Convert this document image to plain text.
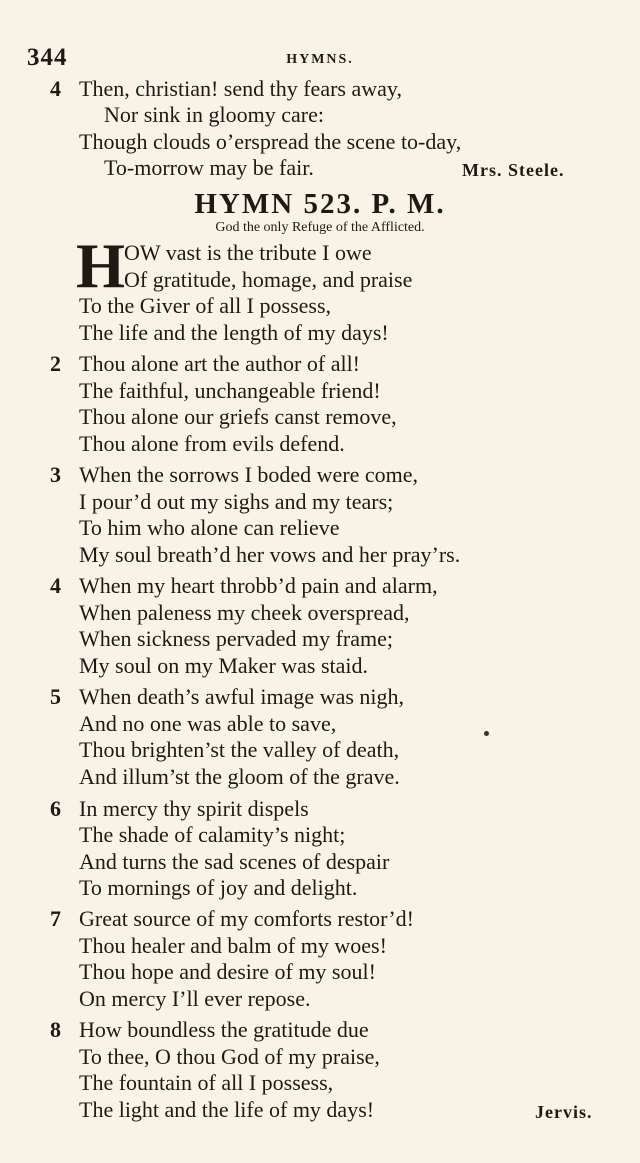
344	HYMNS.
4 Then, christian! send thy fears away,
Nor sink in gloomy care:
Though clouds o’erspread the scene to-day,
To-morrow may be fair.	Mrs. Steele.
HYMN 523. P. M.
God the only Refuge of the Afflicted.
H
OW vast is the tribute I owe
Of gratitude, homage, and praise
To the Giver of all I possess,
The life and the length of my days!
2 Thou alone art the author of all!
The faithful, unchangeable friend!
Thou alone our griefs canst remove,
Thou alone from evils defend.
3 When the sorrows I boded were come,
I pour’d out my sighs and my tears;
To him who alone can relieve
My soul breath’d her vows and her pray’rs.
4 When my heart throbb’d pain and alarm,
When paleness my cheek overspread,
When sickness pervaded my frame;
My soul on my Maker was staid.
5 When death’s awful image was nigh,
And no one was able to save,
Thou brighten’st the valley of death,
And illum’st the gloom of the grave.
6 In mercy thy spirit dispels
The shade of calamity’s night;
And turns the sad scenes of despair
To mornings of joy and delight.
7 Great source of my comforts restor’d!
Thou healer and balm of my woes!
Thou hope and desire of my soul!
On mercy I’ll ever repose.
8 How boundless the gratitude due
To thee, O thou God of my praise,
The fountain of all I possess,
The light and the life of my days!	Jervis.
